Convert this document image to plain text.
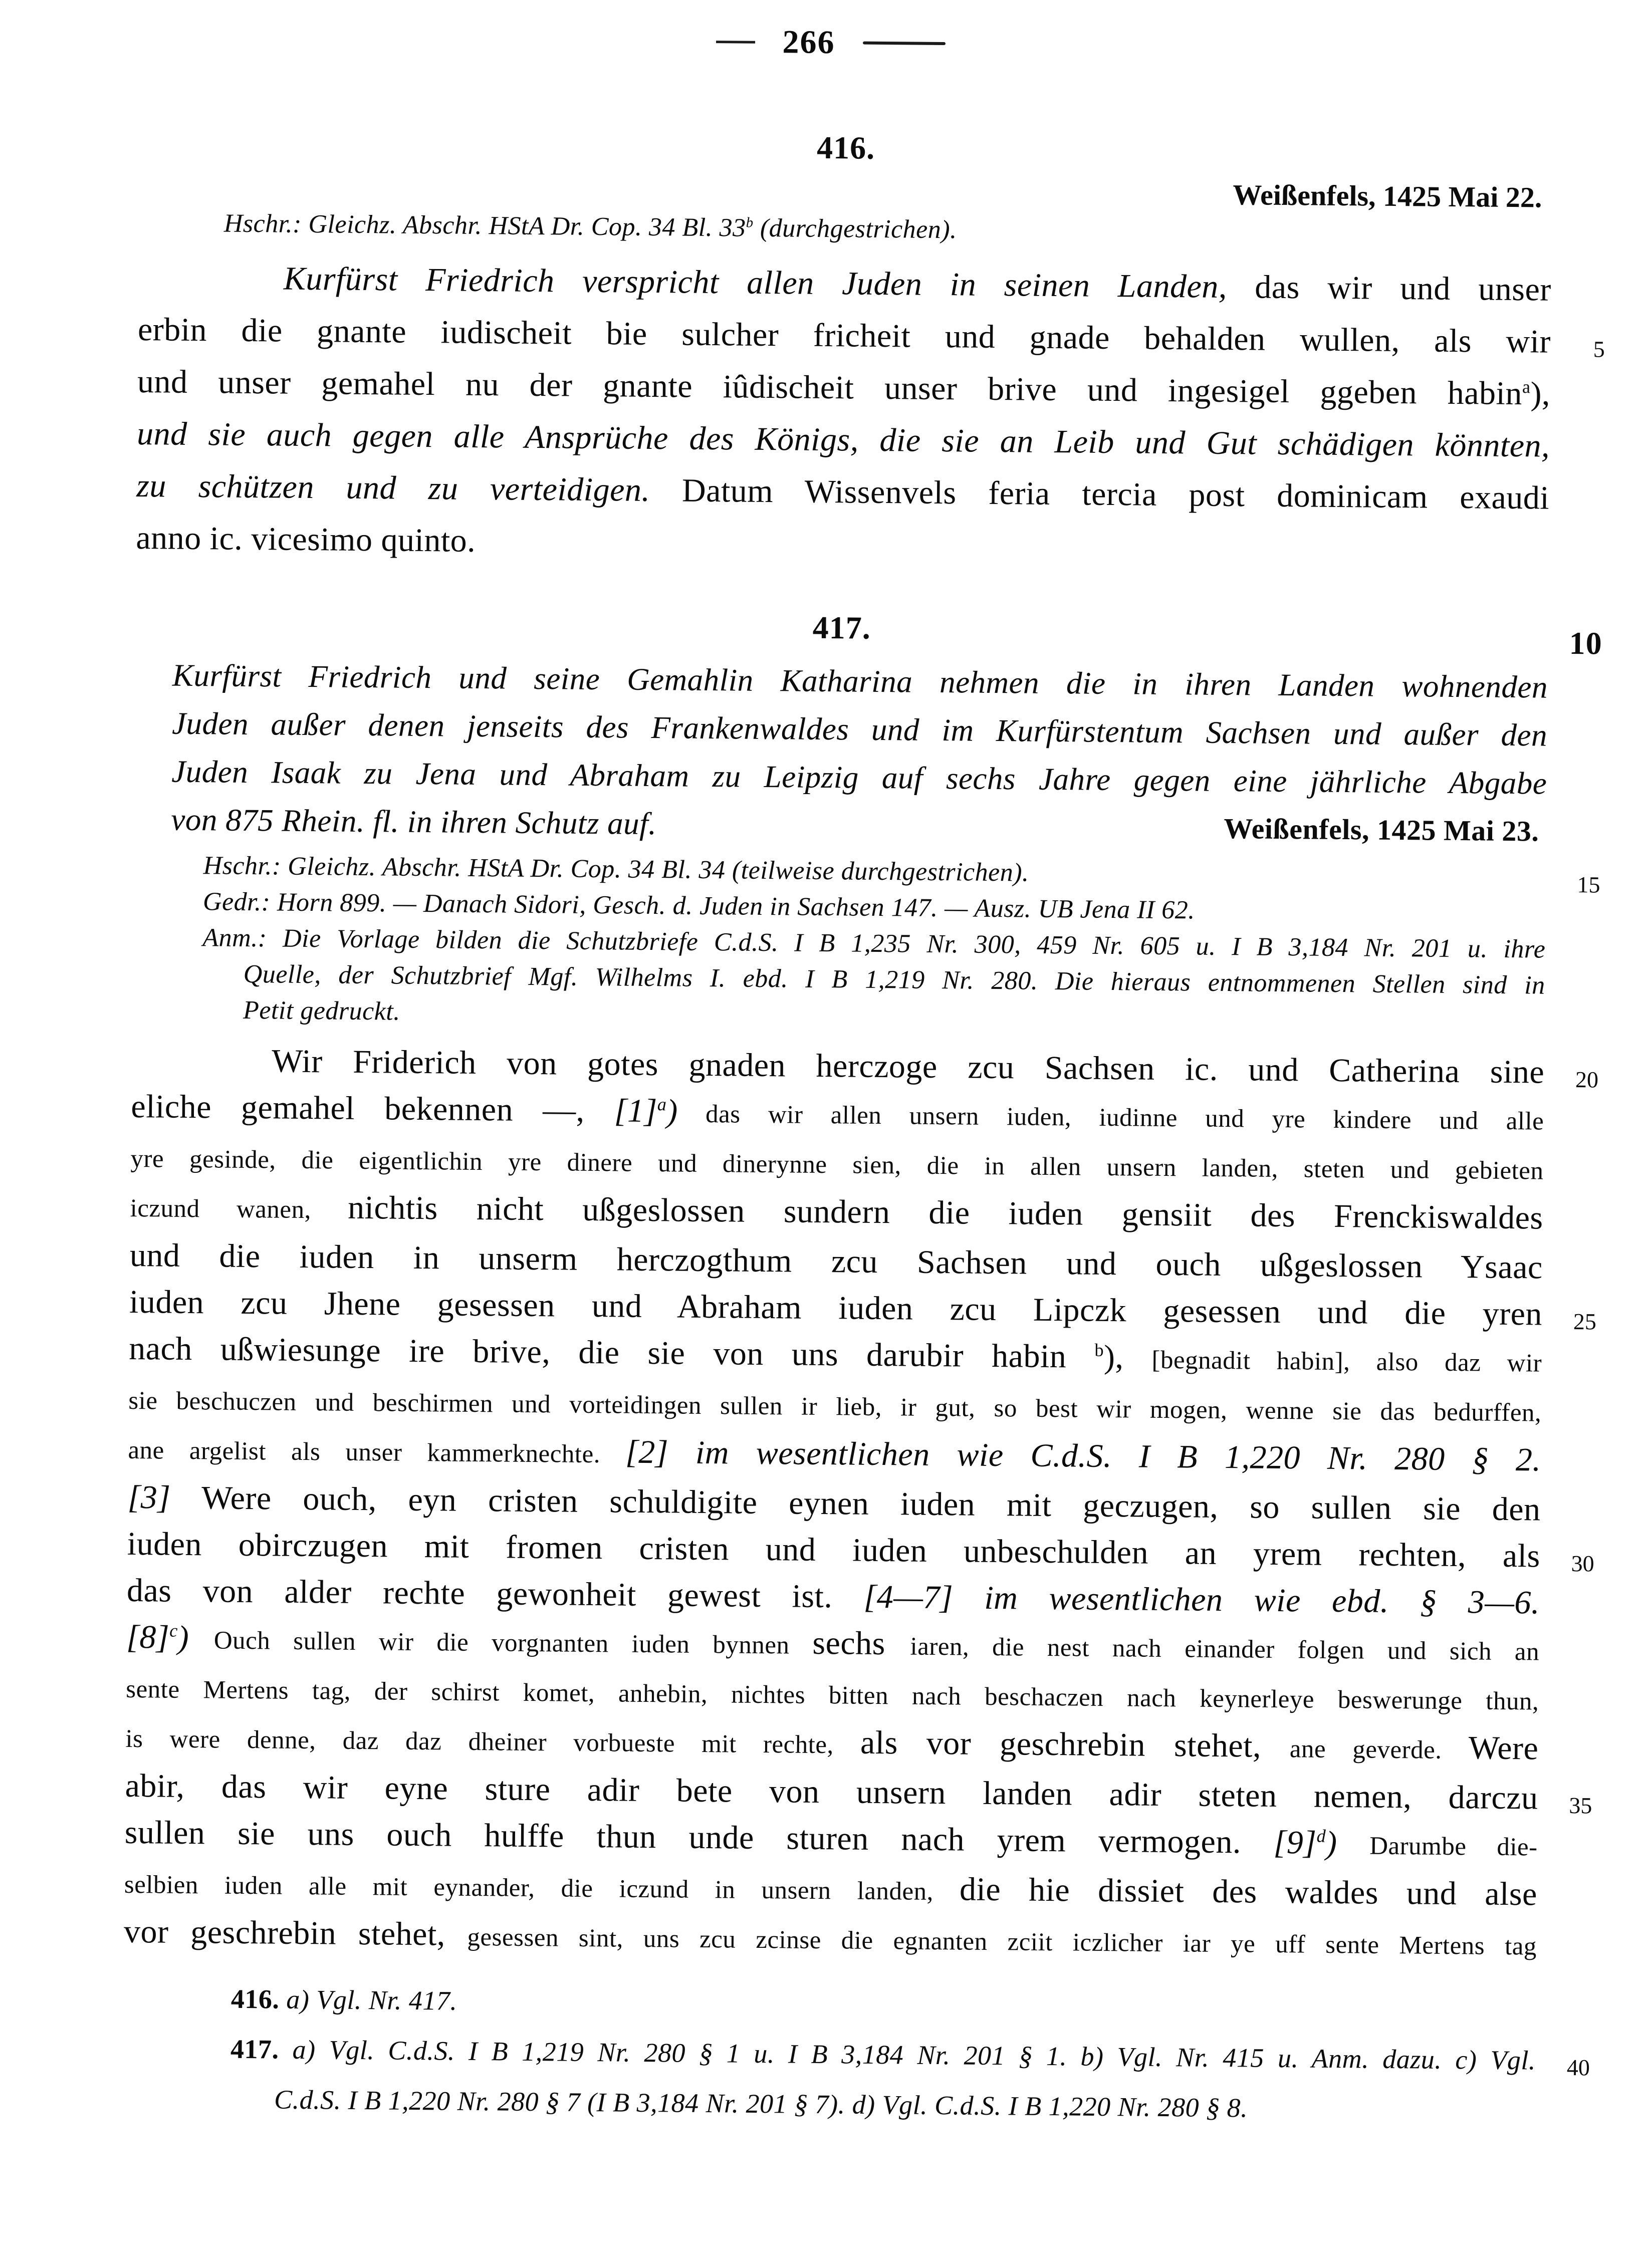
266
416.
Weißenfels, 1425 Mai 22.
Hschr.: Gleichz. Abschr. HStA Dr. Cop. 34 Bl. 33$^b$ (durchgestrichen).
Kurfürst Friedrich verspricht allen Juden in seinen Landen, das wir und unser
erbin die gnante iudischeit bie sulcher fricheit und gnade behalden wullen, als wir 5
und unser gemahel nu der gnante iûdischeit unser brive und ingesigel ggeben habin$^a$),
und sie auch gegen alle Ansprüche des Königs, die sie an Leib und Gut schädigen könnten,
zu schützen und zu verteidigen. Datum Wissenvels feria tercia post dominicam exaudi
anno ic. vicesimo quinto.
417.	10
Kurfürst Friedrich und seine Gemahlin Katharina nehmen die in ihren Landen wohnenden
Juden außer denen jenseits des Frankenwaldes und im Kurfürstentum Sachsen und außer den
Juden Isaak zu Jena und Abraham zu Leipzig auf sechs Jahre gegen eine jährliche Abgabe
von 875 Rhein. fl. in ihren Schutz auf.	Weißenfels, 1425 Mai 23.
Hschr.: Gleichz. Abschr. HStA Dr. Cop. 34 Bl. 34 (teilweise durchgestrichen).	15
Gedr.: Horn 899. — Danach Sidori, Gesch. d. Juden in Sachsen 147. — Ausz. UB Jena II 62.
Anm.: Die Vorlage bilden die Schutzbriefe C.d.S. I B 1,235 Nr. 300, 459 Nr. 605 u. I B 3,184 Nr. 201 u. ihre
Quelle, der Schutzbrief Mgf. Wilhelms I. ebd. I B 1,219 Nr. 280. Die hieraus entnommenen Stellen sind in
Petit gedruckt.
Wir Friderich von gotes gnaden herczoge zcu Sachsen ic. und Catherina sine	20
eliche gemahel bekennen —, $[1]^a$) das wir allen unsern iuden, iudinne und yre kindere und alle
yre gesinde, die eigentlichin yre dinere und dinerynne sien, die in allen unsern landen, steten und gebieten
iczund wanen, nichtis nicht ußgeslossen sundern die iuden gensiit des Frenckiswaldes
und die iuden in unserm herczogthum zcu Sachsen und ouch ußgeslossen Ysaac
iuden zcu Jhene gesessen und Abraham iuden zcu Lipczk gesessen und die yren 25
nach ußwiesunge ire brive, die sie von uns darubir habin $^b$), [begnadit habin], also daz wir
sie beschuczen und beschirmen und vorteidingen sullen ir lieb, ir gut, so best wir mogen, wenne sie das bedurffen,
ane argelist als unser kammerknechte. [2] im wesentlichen wie C.d.S. I B 1,220 Nr. 280 § 2.
[3] Were ouch, eyn cristen schuldigite eynen iuden mit geczugen, so sullen sie den
iuden obirczugen mit fromen cristen und iuden unbeschulden an yrem rechten, als 30
das von alder rechte gewonheit gewest ist. [4—7] im wesentlichen wie ebd. § 3—6.
$[8]^c$) Ouch sullen wir die vorgnanten iuden bynnen sechs iaren, die nest nach einander folgen und sich an
sente Mertens tag, der schirst komet, anhebin, nichtes bitten nach beschaczen nach keynerleye beswerunge thun,
is were denne, daz daz dheiner vorbueste mit rechte, als vor geschrebin stehet, ane geverde. Were
abir, das wir eyne sture adir bete von unsern landen adir steten nemen, darczu 35
sullen sie uns ouch hulffe thun unde sturen nach yrem vermogen. $[9]^d$) Darumbe die-
selbien iuden alle mit eynander, die iczund in unsern landen, die hie dissiet des waldes und alse
vor geschrebin stehet, gesessen sint, uns zcu zcinse die egnanten zciit iczlicher iar ye uff sente Mertens tag
416. a) Vgl. Nr. 417.
417. a) Vgl. C.d.S. I B 1,219 Nr. 280 § 1 u. I B 3,184 Nr. 201 § 1. b) Vgl. Nr. 415 u. Anm. dazu. c) Vgl. 40
C.d.S. I B 1,220 Nr. 280 § 7 (I B 3,184 Nr. 201 § 7). d) Vgl. C.d.S. I B 1,220 Nr. 280 § 8.
